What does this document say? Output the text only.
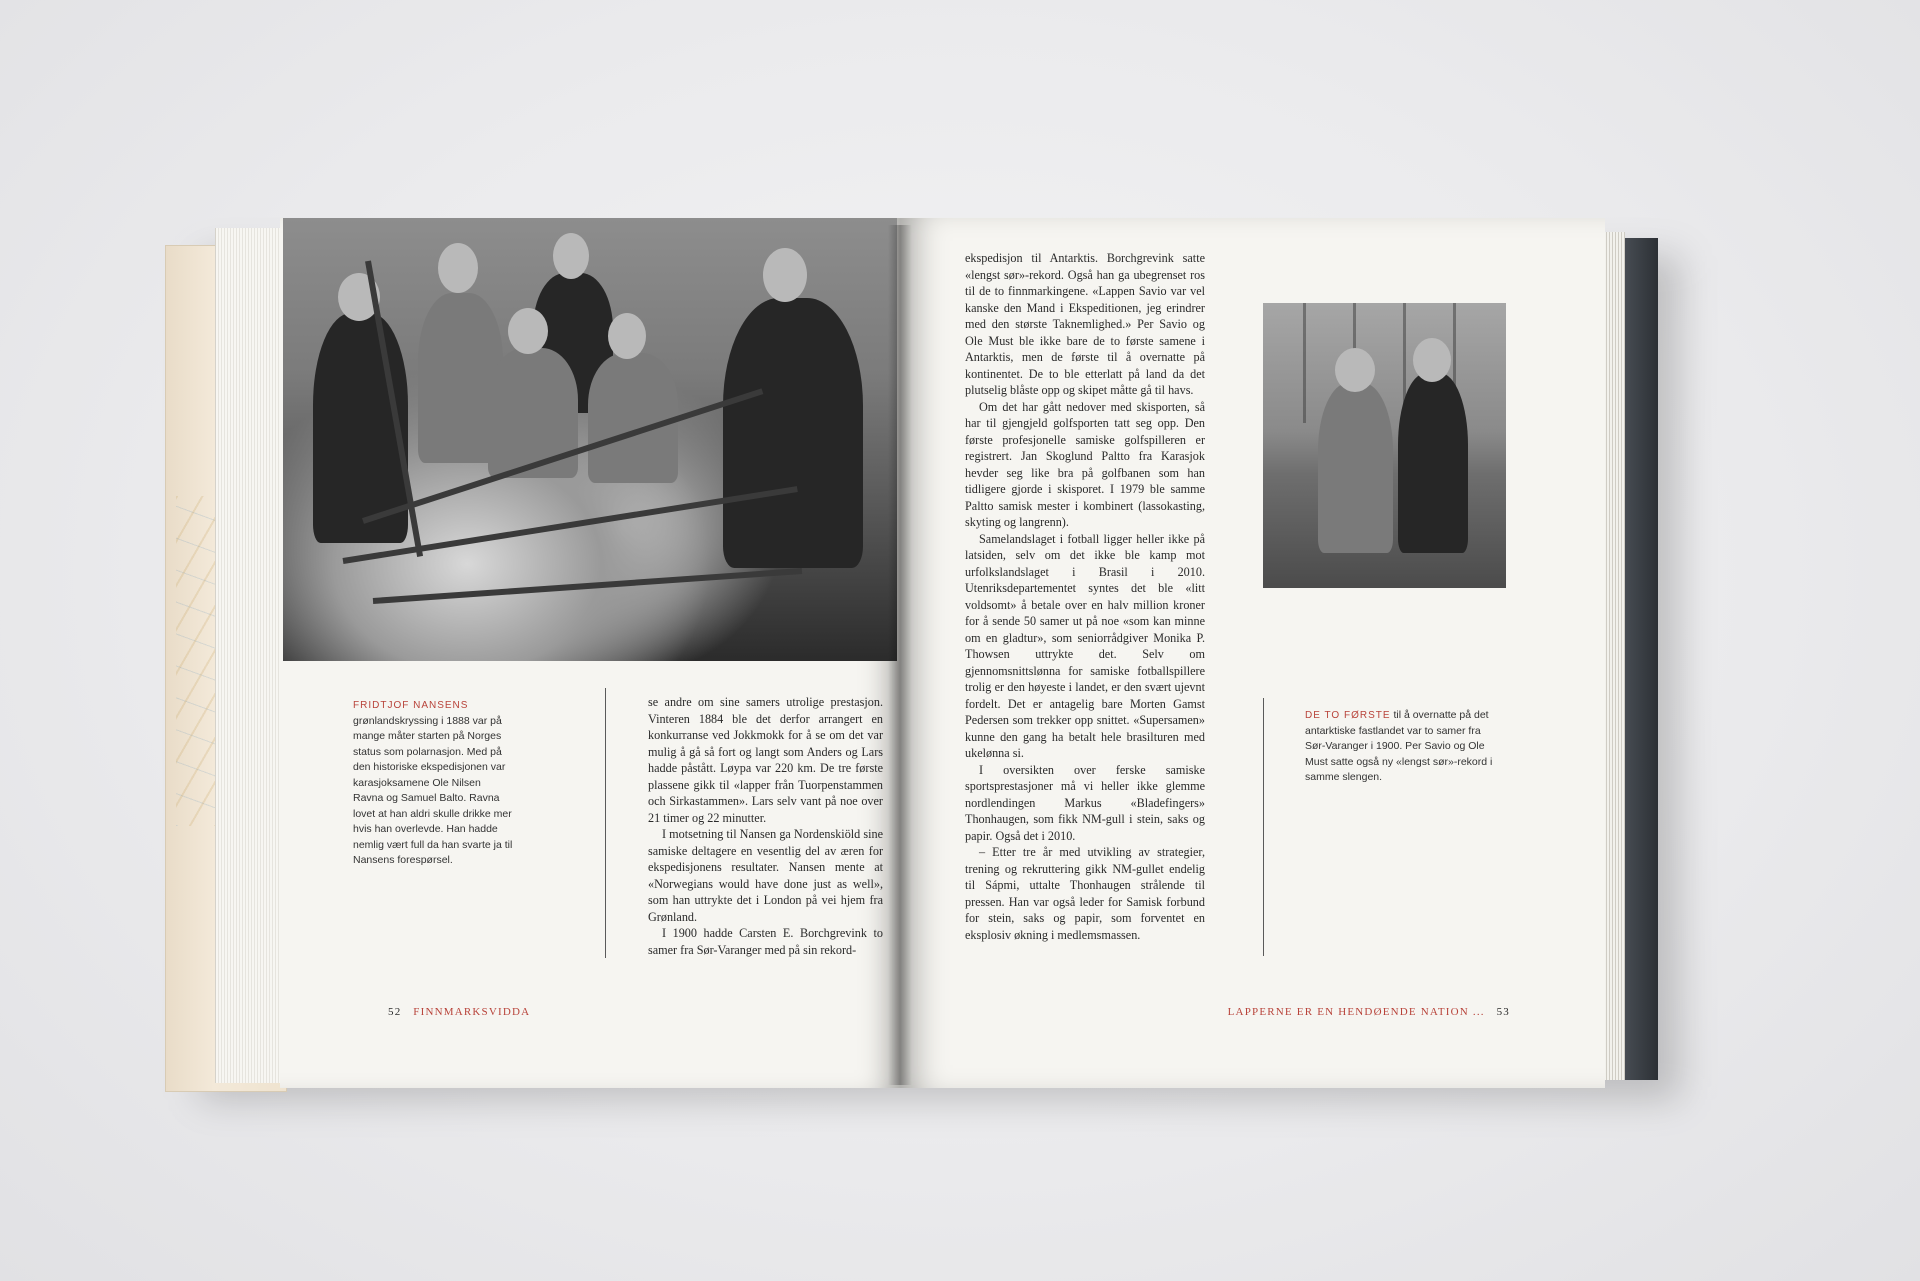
FRIDTJOF NANSENS grønlandskryssing i 1888 var på mange måter starten på Norges status som polarnasjon. Med på den historiske ekspedisjonen var karasjoksamene Ole Nilsen Ravna og Samuel Balto. Ravna lovet at han aldri skulle drikke mer hvis han overlevde. Han hadde nemlig vært full da han svarte ja til Nansens forespørsel.

se andre om sine samers utrolige prestasjon. Vinteren 1884 ble det derfor arrangert en konkurranse ved Jokkmokk for å se om det var mulig å gå så fort og langt som Anders og Lars hadde påstått. Løypa var 220 km. De tre første plassene gikk til «lapper från Tuorpenstammen och Sirkastammen». Lars selv vant på noe over 21 timer og 22 minutter.

I motsetning til Nansen ga Nordenskiöld sine samiske deltagere en vesentlig del av æren for ekspedisjonens resultater. Nansen mente at «Norwegians would have done just as well», som han uttrykte det i London på vei hjem fra Grønland.

I 1900 hadde Carsten E. Borchgrevink to samer fra Sør-Varanger med på sin rekord-

52 FINNMARKSVIDDA

ekspedisjon til Antarktis. Borchgrevink satte «lengst sør»-rekord. Også han ga ubegrenset ros til de to finnmarkingene. «Lappen Savio var vel kanske den Mand i Ekspeditionen, jeg erindrer med den største Taknemlighed.» Per Savio og Ole Must ble ikke bare de to første samene i Antarktis, men de første til å overnatte på kontinentet. De to ble etterlatt på land da det plutselig blåste opp og skipet måtte gå til havs.

Om det har gått nedover med skisporten, så har til gjengjeld golfsporten tatt seg opp. Den første profesjonelle samiske golfspilleren er registrert. Jan Skoglund Paltto fra Karasjok hevder seg like bra på golfbanen som han tidligere gjorde i skisporet. I 1979 ble samme Paltto samisk mester i kombinert (lassokasting, skyting og langrenn).

Samelandslaget i fotball ligger heller ikke på latsiden, selv om det ikke ble kamp mot urfolkslandslaget i Brasil i 2010. Utenriksdepartementet syntes det ble «litt voldsomt» å betale over en halv million kroner for å sende 50 samer ut på noe «som kan minne om en gladtur», som seniorrådgiver Monika P. Thowsen uttrykte det. Selv om gjennomsnittslønna for samiske fotballspillere trolig er den høyeste i landet, er den svært ujevnt fordelt. Det er antagelig bare Morten Gamst Pedersen som trekker opp snittet. «Supersamen» kunne den gang ha betalt hele brasilturen med ukelønna si.

I oversikten over ferske samiske sportsprestasjoner må vi heller ikke glemme nordlendingen Markus «Bladefingers» Thonhaugen, som fikk NM-gull i stein, saks og papir. Også det i 2010.

– Etter tre år med utvikling av strategier, trening og rekruttering gikk NM-gullet endelig til Sápmi, uttalte Thonhaugen strålende til pressen. Han var også leder for Samisk forbund for stein, saks og papir, som forventet en eksplosiv økning i medlemsmassen.

DE TO FØRSTE til å overnatte på det antarktiske fastlandet var to samer fra Sør-Varanger i 1900. Per Savio og Ole Must satte også ny «lengst sør»-rekord i samme slengen.
LAPPERNE ER EN HENDØENDE NATION ... 53
